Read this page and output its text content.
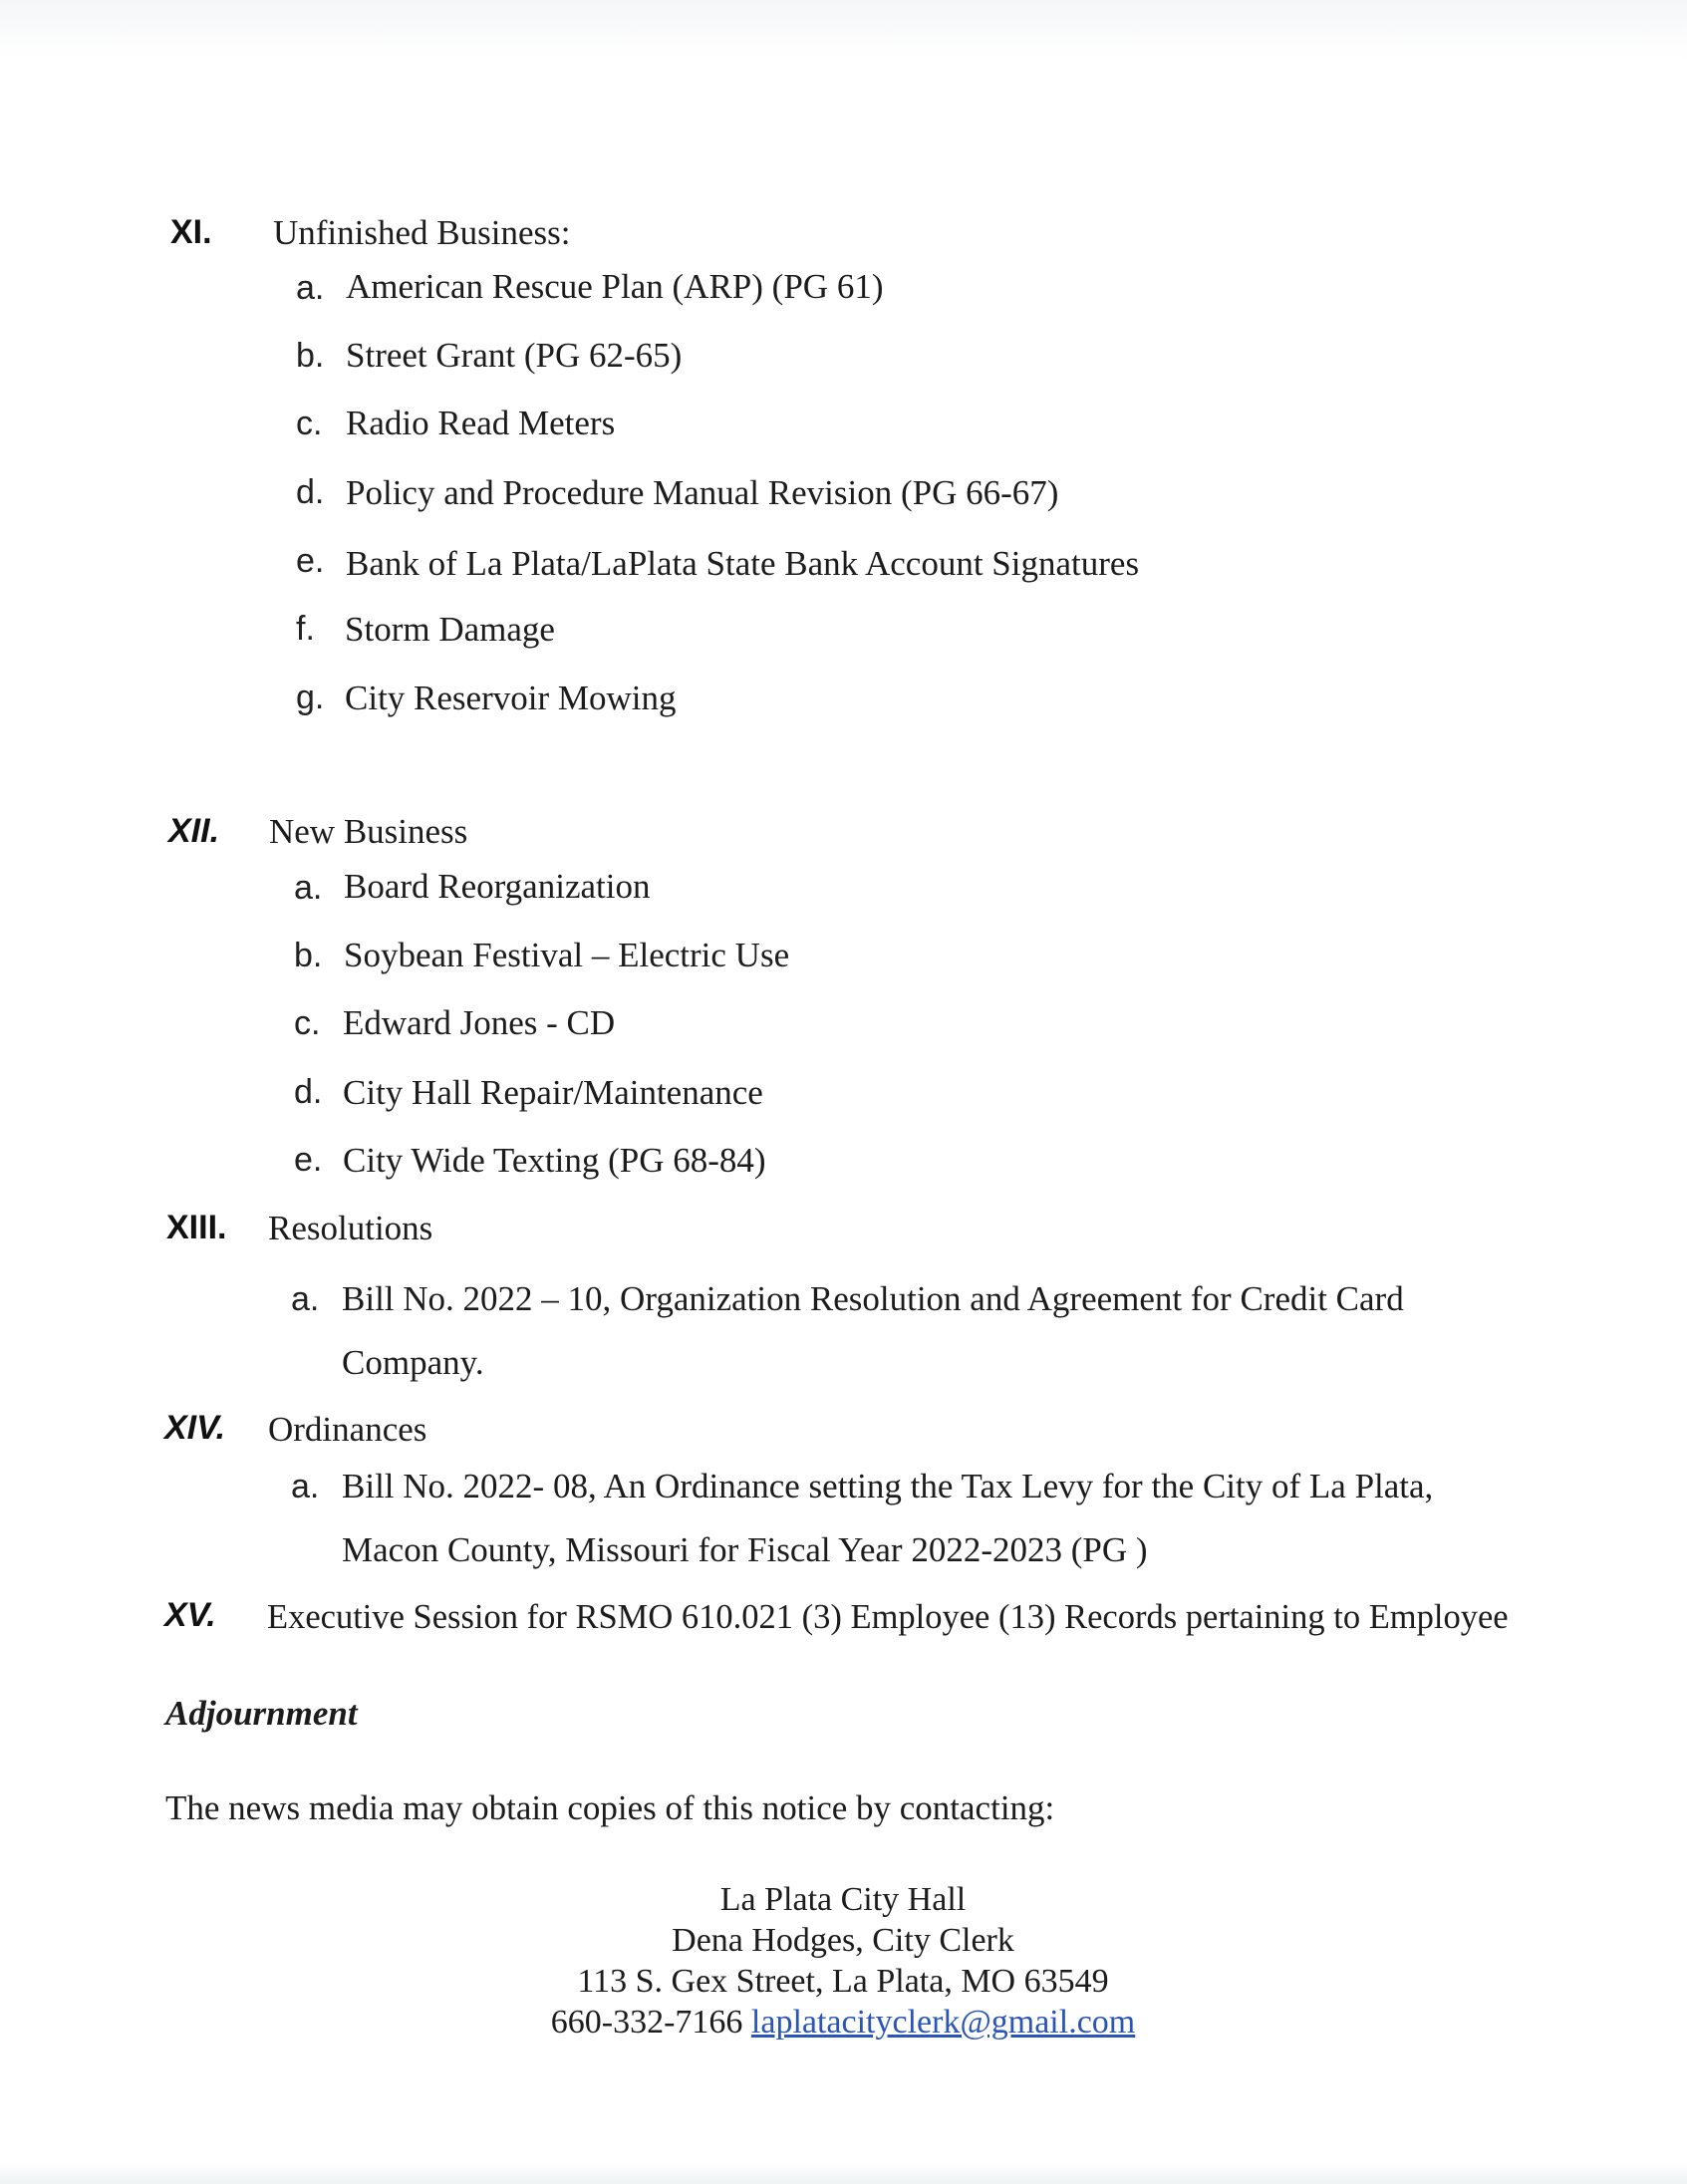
XI. Unfinished Business:
a. American Rescue Plan (ARP) (PG 61)
b. Street Grant (PG 62-65)
c. Radio Read Meters
d. Policy and Procedure Manual Revision (PG 66-67)
e. Bank of La Plata/LaPlata State Bank Account Signatures
f. Storm Damage
g. City Reservoir Mowing
XII. New Business
a. Board Reorganization
b. Soybean Festival – Electric Use
c. Edward Jones - CD
d. City Hall Repair/Maintenance
e. City Wide Texting (PG 68-84)
XIII. Resolutions
a. Bill No. 2022 – 10, Organization Resolution and Agreement for Credit Card
Company.
XIV. Ordinances
a. Bill No. 2022- 08, An Ordinance setting the Tax Levy for the City of La Plata,
Macon County, Missouri for Fiscal Year 2022-2023 (PG )
XV. Executive Session for RSMO 610.021 (3) Employee (13) Records pertaining to Employee
Adjournment
The news media may obtain copies of this notice by contacting:
La Plata City Hall
Dena Hodges, City Clerk
113 S. Gex Street, La Plata, MO 63549
660-332-7166 laplatacityclerk@gmail.com
